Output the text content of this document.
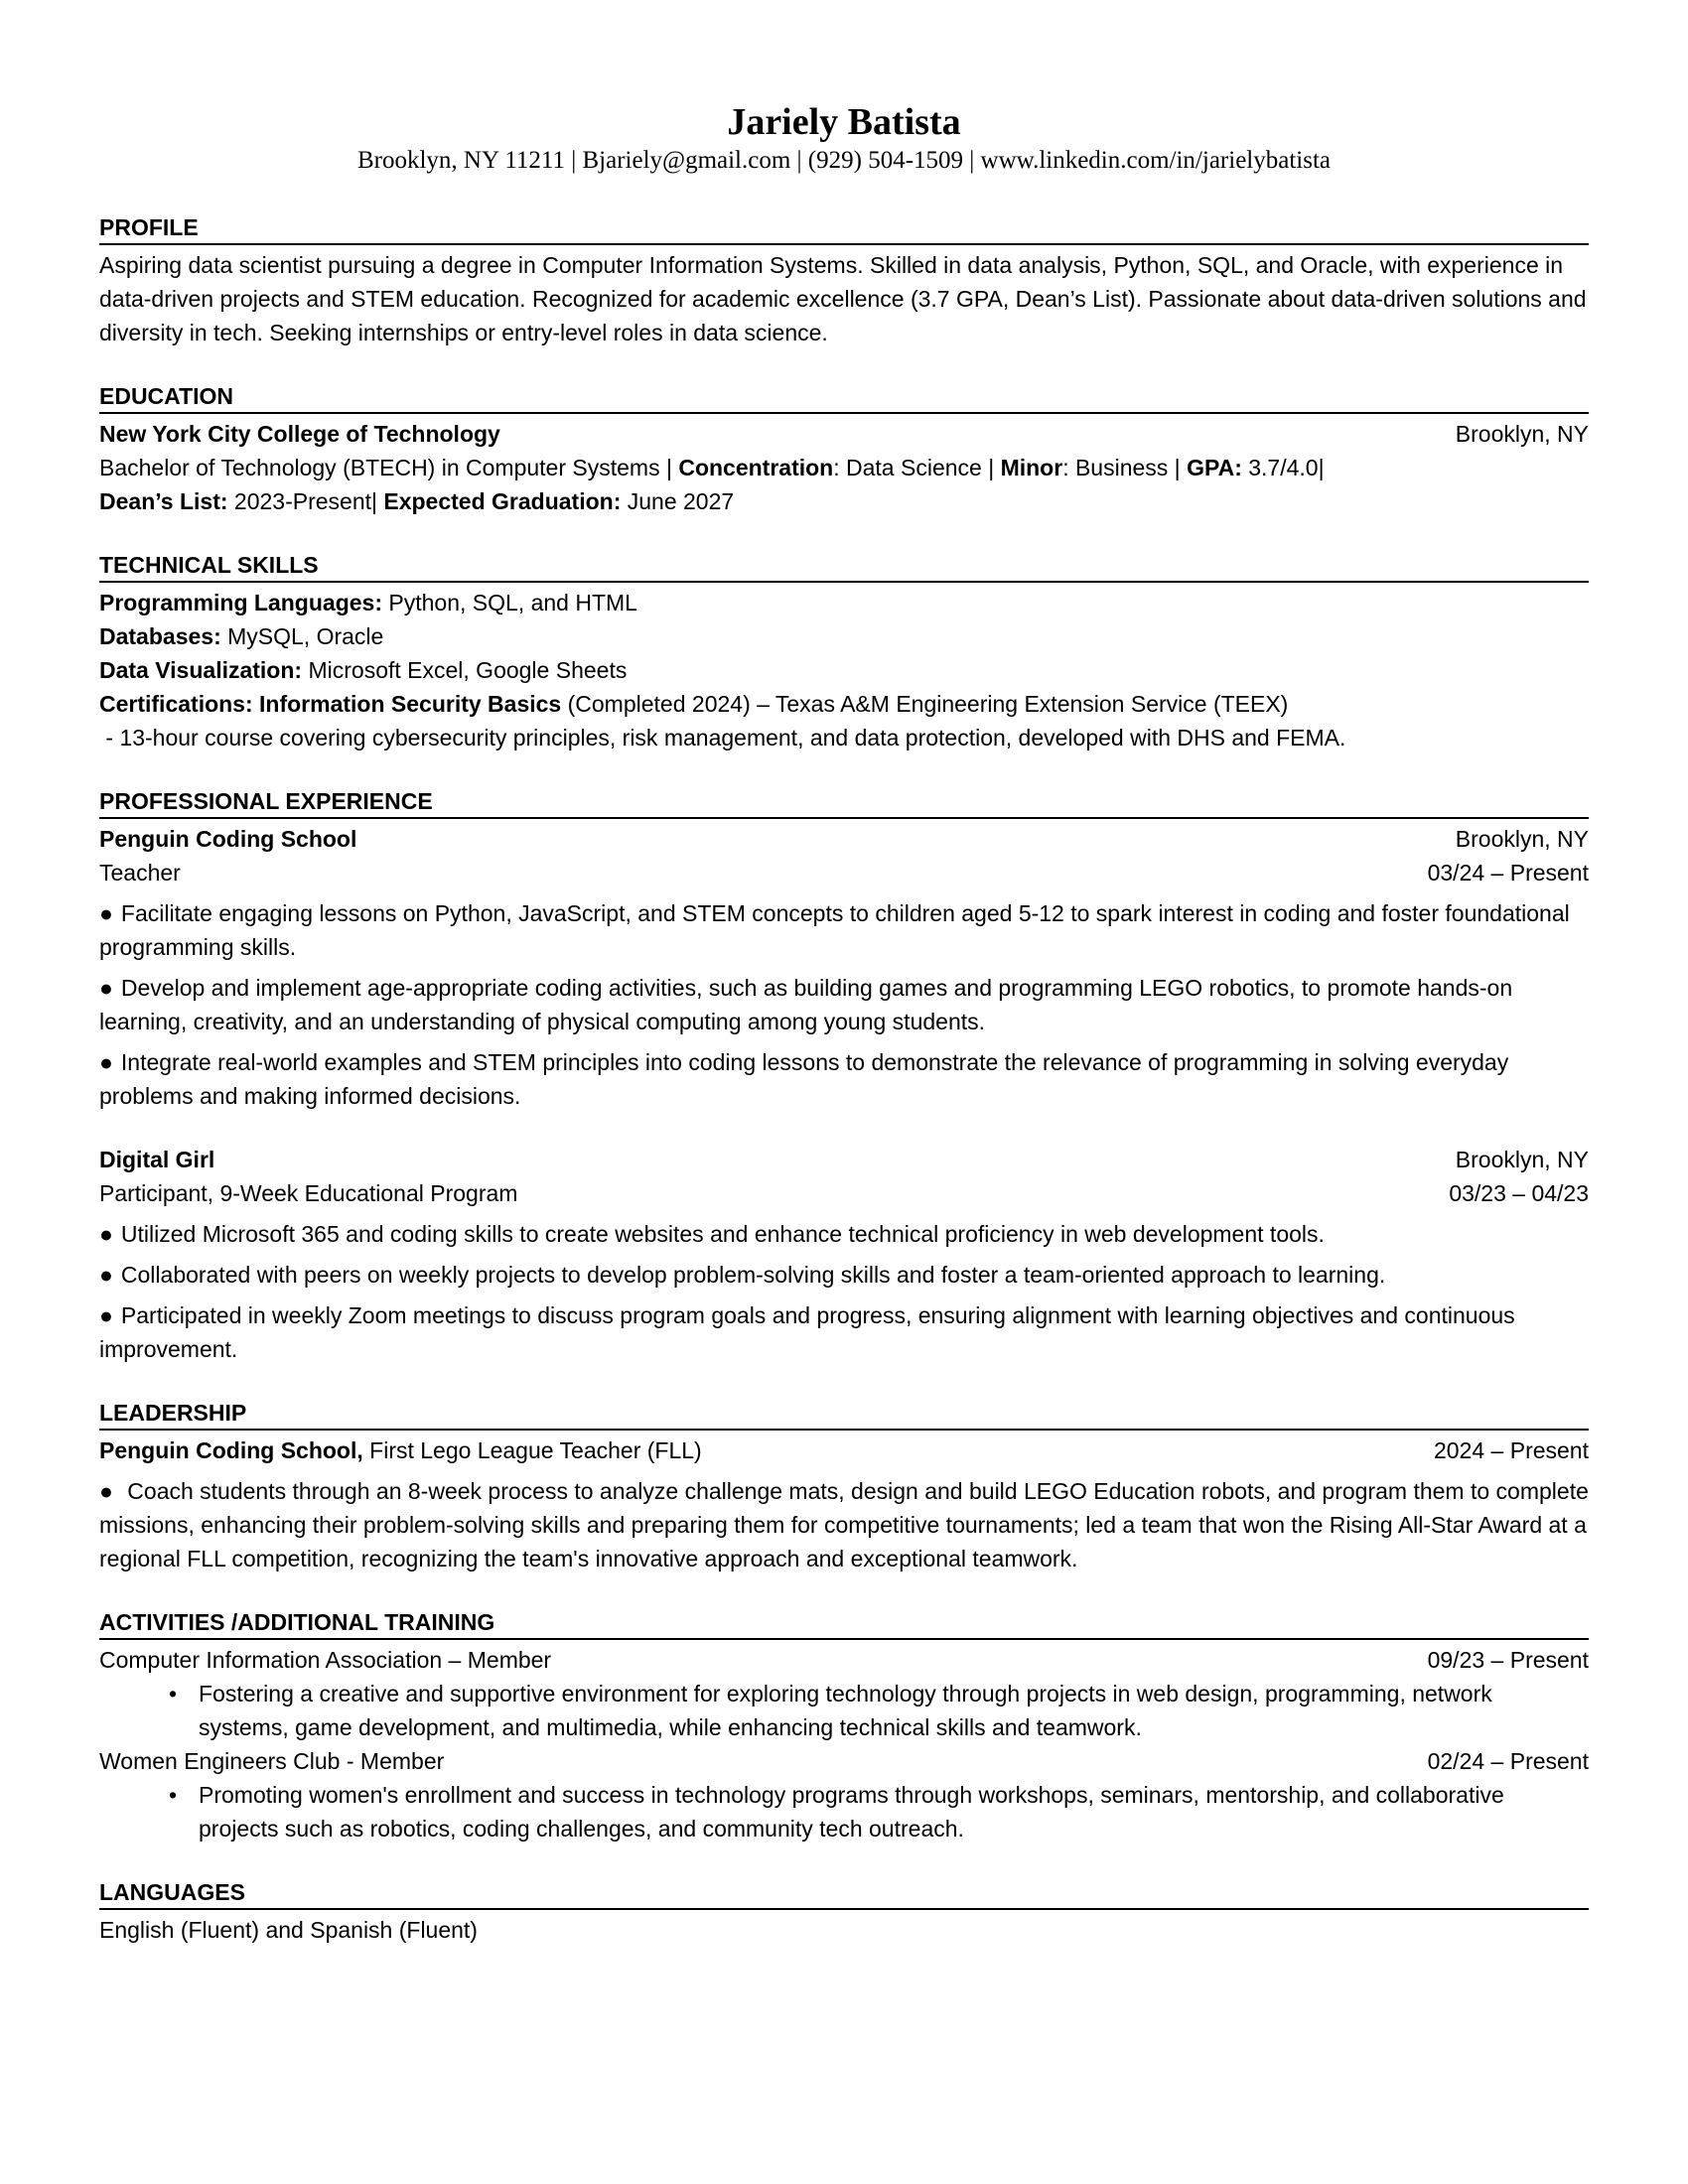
Jariely Batista
Brooklyn, NY 11211 | Bjariely@gmail.com | (929) 504-1509 | www.linkedin.com/in/jarielybatista
PROFILE
Aspiring data scientist pursuing a degree in Computer Information Systems. Skilled in data analysis, Python, SQL, and Oracle, with experience in data-driven projects and STEM education. Recognized for academic excellence (3.7 GPA, Dean’s List). Passionate about data-driven solutions and diversity in tech. Seeking internships or entry-level roles in data science.
EDUCATION
New York City College of Technology	Brooklyn, NY
Bachelor of Technology (BTECH) in Computer Systems | Concentration: Data Science | Minor: Business | GPA: 3.7/4.0|
Dean’s List: 2023-Present| Expected Graduation: June 2027
TECHNICAL SKILLS
Programming Languages: Python, SQL, and HTML
Databases: MySQL, Oracle
Data Visualization: Microsoft Excel, Google Sheets
Certifications: Information Security Basics (Completed 2024) – Texas A&M Engineering Extension Service (TEEX)
- 13-hour course covering cybersecurity principles, risk management, and data protection, developed with DHS and FEMA.
PROFESSIONAL EXPERIENCE
Penguin Coding School	Brooklyn, NY
Teacher	03/24 – Present
● Facilitate engaging lessons on Python, JavaScript, and STEM concepts to children aged 5-12 to spark interest in coding and foster foundational programming skills.
● Develop and implement age-appropriate coding activities, such as building games and programming LEGO robotics, to promote hands-on learning, creativity, and an understanding of physical computing among young students.
● Integrate real-world examples and STEM principles into coding lessons to demonstrate the relevance of programming in solving everyday problems and making informed decisions.
Digital Girl	Brooklyn, NY
Participant, 9-Week Educational Program	03/23 – 04/23
● Utilized Microsoft 365 and coding skills to create websites and enhance technical proficiency in web development tools.
● Collaborated with peers on weekly projects to develop problem-solving skills and foster a team-oriented approach to learning.
● Participated in weekly Zoom meetings to discuss program goals and progress, ensuring alignment with learning objectives and continuous improvement.
LEADERSHIP
Penguin Coding School, First Lego League Teacher (FLL)	2024 – Present
● Coach students through an 8-week process to analyze challenge mats, design and build LEGO Education robots, and program them to complete missions, enhancing their problem-solving skills and preparing them for competitive tournaments; led a team that won the Rising All-Star Award at a regional FLL competition, recognizing the team's innovative approach and exceptional teamwork.
ACTIVITIES /ADDITIONAL TRAINING
Computer Information Association – Member	09/23 – Present
• Fostering a creative and supportive environment for exploring technology through projects in web design, programming, network systems, game development, and multimedia, while enhancing technical skills and teamwork.
Women Engineers Club - Member	02/24 – Present
• Promoting women's enrollment and success in technology programs through workshops, seminars, mentorship, and collaborative projects such as robotics, coding challenges, and community tech outreach.
LANGUAGES
English (Fluent) and Spanish (Fluent)
